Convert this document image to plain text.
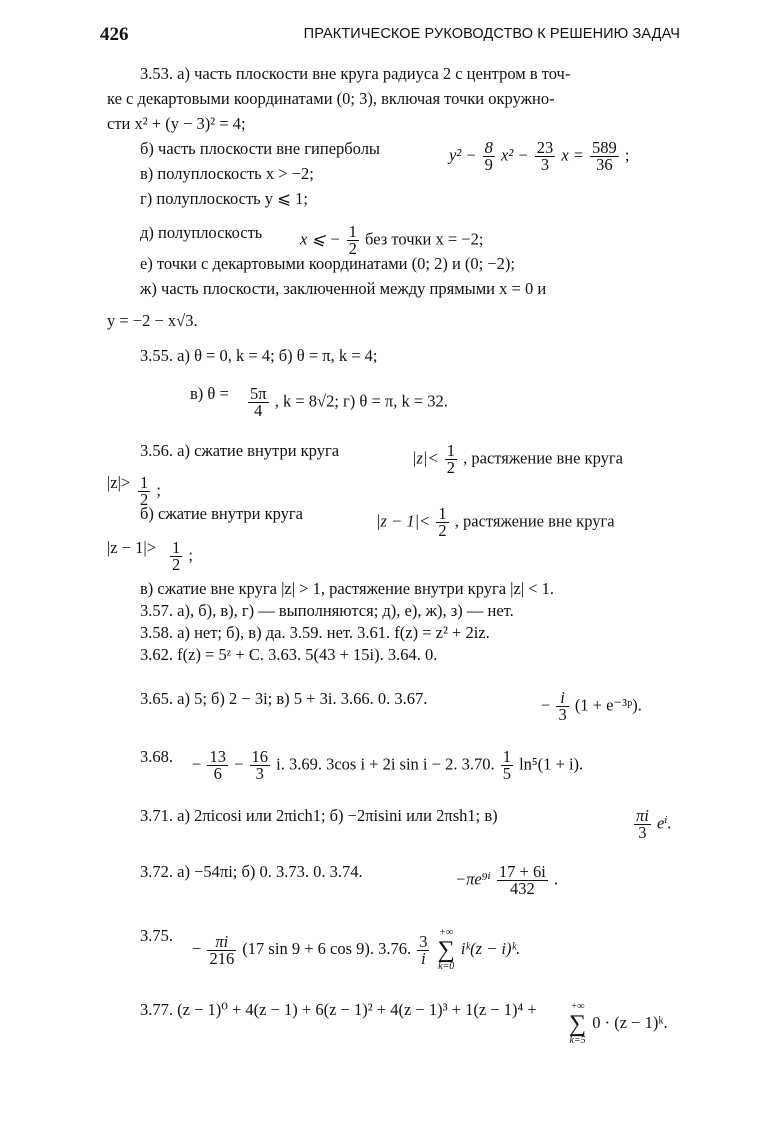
426	ПРАКТИЧЕСКОЕ РУКОВОДСТВО К РЕШЕНИЮ ЗАДАЧ
3.53. а) часть плоскости вне круга радиуса 2 с центром в точ-
ке с декартовыми координатами (0; 3), включая точки окружно-
сти x² + (y − 3)² = 4;
б) часть плоскости вне гиперболы
в) полуплоскость x > −2;
г) полуплоскость y ⩽ 1;
д) полуплоскость
е) точки с декартовыми координатами (0; 2) и (0; −2);
ж) часть плоскости, заключенной между прямыми x = 0 и
y = −2 − x√3.
3.55. а) θ = 0, k = 4; б) θ = π, k = 4;
в) θ =
3.56. а) сжатие внутри круга
|z|>
б) сжатие внутри круга
|z − 1|>
в) сжатие вне круга |z| > 1, растяжение внутри круга |z| < 1.
3.57. а), б), в), г) — выполняются; д), е), ж), з) — нет.
3.58. а) нет; б), в) да. 3.59. нет. 3.61. f(z) = z² + 2iz.
3.62. f(z) = 5ᶻ + C. 3.63. 5(43 + 15i). 3.64. 0.
3.65. а) 5; б) 2 − 3i; в) 5 + 3i. 3.66. 0. 3.67.
3.68.
3.71. а) 2πicosi или 2πich1; б) −2πisini или 2πsh1; в)
3.72. а) −54πi; б) 0. 3.73. 0. 3.74.
3.75.
3.77. (z − 1)⁰ + 4(z − 1) + 6(z − 1)² + 4(z − 1)³ + 1(z − 1)⁴ +
$y^2 - \frac{8}{9} x^2 - \frac{23}{3}$ $x = \frac{589}{36}$ ;
x ⩽ − $\frac{1}{2}$ без точки x = −2;
$\frac{5\pi}{4}$ , k = 8√2; г) θ = π, k = 32.
$|z|< \frac{1}{2}$ , растяжение вне круга
$\frac{1}{2}$ ;
$|z - 1|< \frac{1}{2}$ , растяжение вне круга
$\frac{1}{2}$ ;
− $\frac{i}{3} (1$ + e⁻³ᵖ).
− $\frac{13}{6} - \frac{16}{3} i$. 3.69. 3cos i + 2i sin i − 2. 3.70. $\frac{1}{5} \ln^5(1 + i)$.
$\frac{\pi i}{3} e^i$.
$-\pi e^{9i} \frac{17 + 6i}{432}$ .
− $\frac{\pi i}{216} (17$ sin 9 + 6 cos 9). 3.76. $\frac{3}{i}$

+∞
∑
k=0
iᵏ(z − i)ᵏ.
+∞
∑
k=5
0 · (z − 1)ᵏ.
